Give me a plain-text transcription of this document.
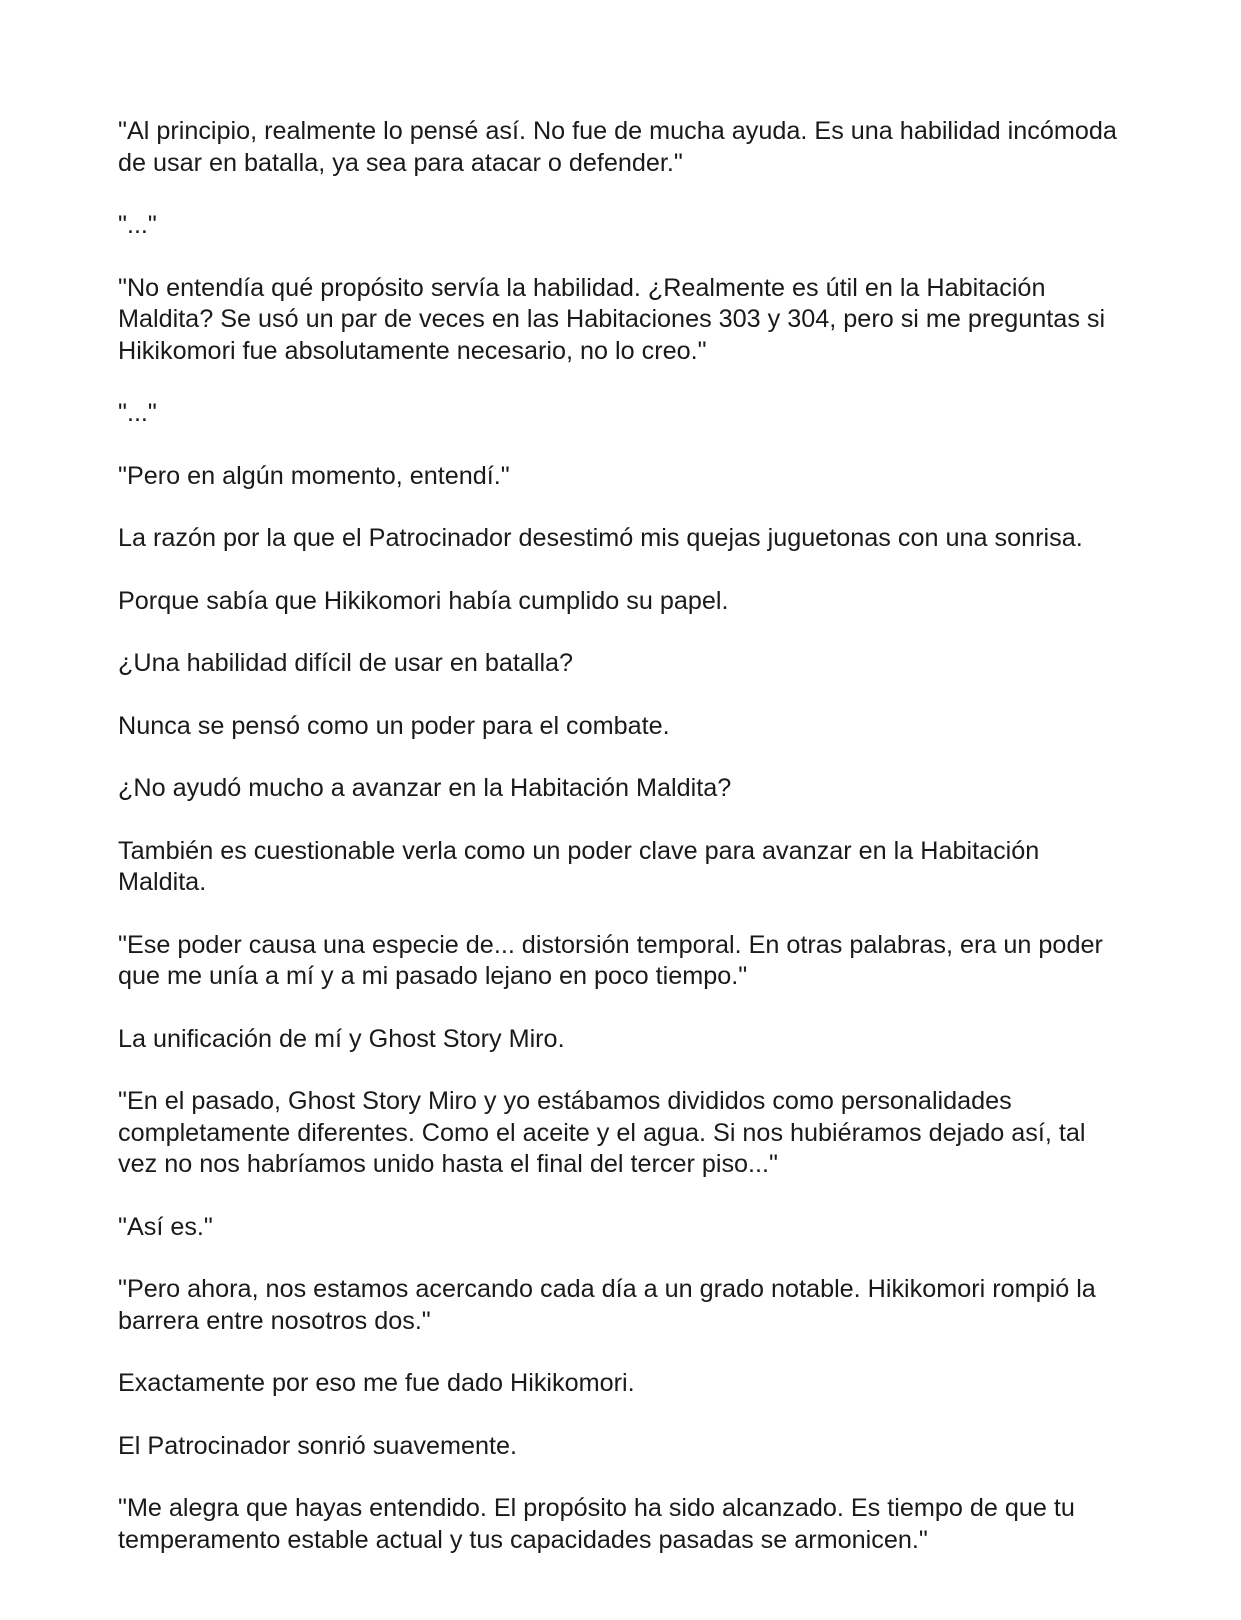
"Al principio, realmente lo pensé así. No fue de mucha ayuda. Es una habilidad incómoda de usar en batalla, ya sea para atacar o defender."

"..."

"No entendía qué propósito servía la habilidad. ¿Realmente es útil en la Habitación Maldita? Se usó un par de veces en las Habitaciones 303 y 304, pero si me preguntas si Hikikomori fue absolutamente necesario, no lo creo."

"..."

"Pero en algún momento, entendí."

La razón por la que el Patrocinador desestimó mis quejas juguetonas con una sonrisa.

Porque sabía que Hikikomori había cumplido su papel.

¿Una habilidad difícil de usar en batalla?

Nunca se pensó como un poder para el combate.

¿No ayudó mucho a avanzar en la Habitación Maldita?

También es cuestionable verla como un poder clave para avanzar en la Habitación Maldita.

"Ese poder causa una especie de... distorsión temporal. En otras palabras, era un poder que me unía a mí y a mi pasado lejano en poco tiempo."

La unificación de mí y Ghost Story Miro.

"En el pasado, Ghost Story Miro y yo estábamos divididos como personalidades completamente diferentes. Como el aceite y el agua. Si nos hubiéramos dejado así, tal vez no nos habríamos unido hasta el final del tercer piso..."

"Así es."

"Pero ahora, nos estamos acercando cada día a un grado notable. Hikikomori rompió la barrera entre nosotros dos."

Exactamente por eso me fue dado Hikikomori.

El Patrocinador sonrió suavemente.

"Me alegra que hayas entendido. El propósito ha sido alcanzado. Es tiempo de que tu temperamento estable actual y tus capacidades pasadas se armonicen."
